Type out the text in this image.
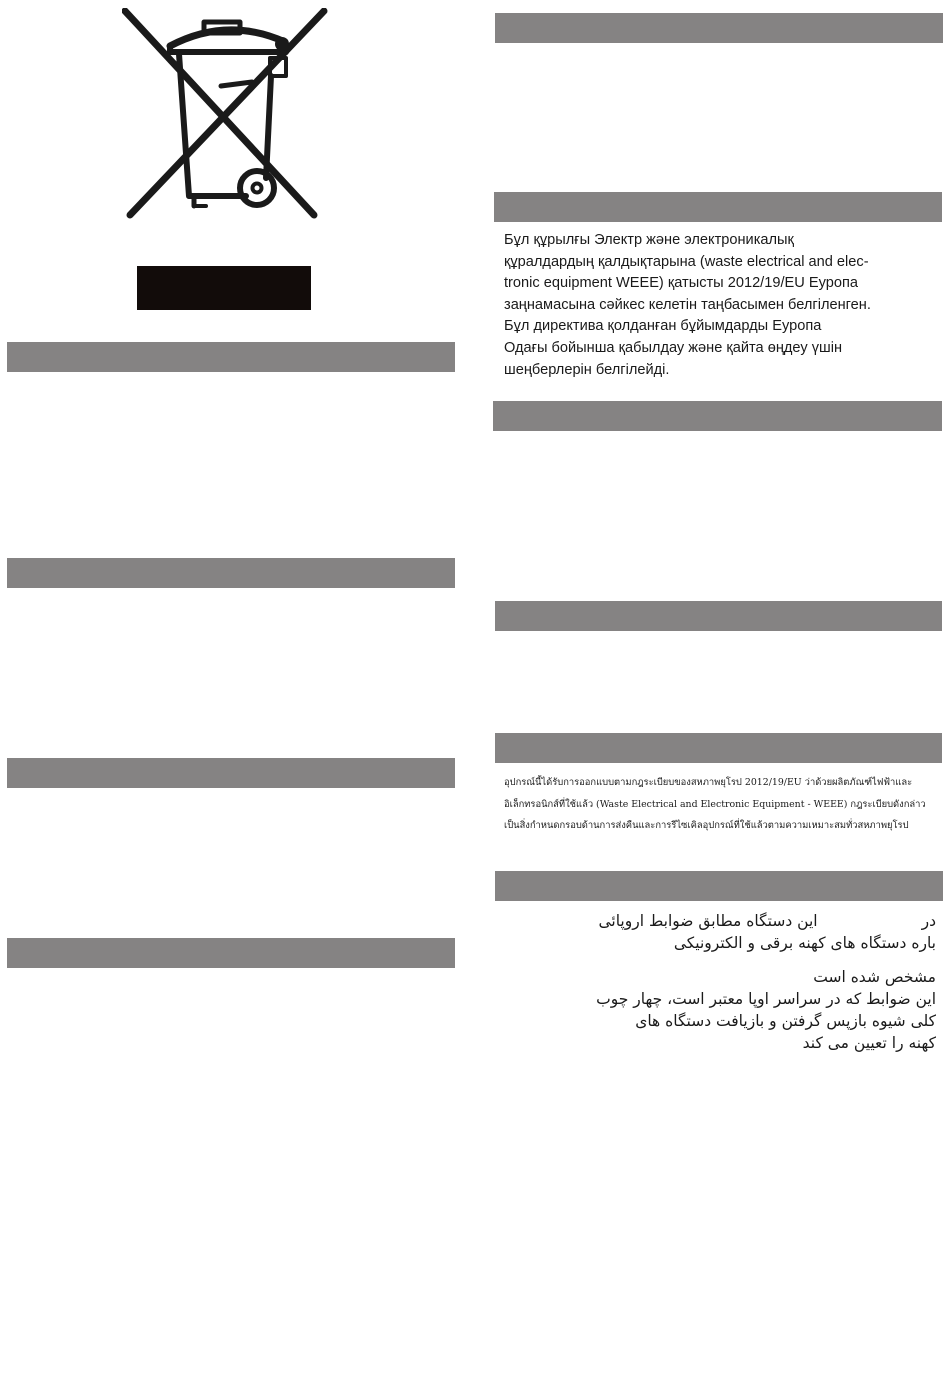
Бұл құрылғы Электр және электроникалық

құралдардың қалдықтарына (waste electrical and elec-

tronic equipment WEEE) қатысты 2012/19/EU Еуропа

заңнамасына сәйкес келетін таңбасымен белгіленген.

Бұл директива қолданған бұйымдарды Еуропа

Одағы бойынша қабылдау және қайта өңдеу үшін

шеңберлерін белгілейді.

อุปกรณ์นี้ได้รับการออกแบบตามกฎระเบียบของสหภาพยุโรป 2012/19/EU ว่าด้วยผลิตภัณฑ์ไฟฟ้าและ

อิเล็กทรอนิกส์ที่ใช้แล้ว (Waste Electrical and Electronic Equipment - WEEE) กฎระเบียบดังกล่าว

เป็นสิ่งกำหนดกรอบด้านการส่งคืนและการรีไซเคิลอุปกรณ์ที่ใช้แล้วตามความเหมาะสมทั่วสหภาพยุโรป

دراین دستگاه مطابق ضوابط اروپائی

باره دستگاه های کهنه برقی و الکترونیکی

مشخص شده است

این ضوابط که در سراسر اوپا معتبر است، چهار چوب

کلی شیوه بازپس گرفتن و بازیافت دستگاه های

کهنه را تعیین می کند
